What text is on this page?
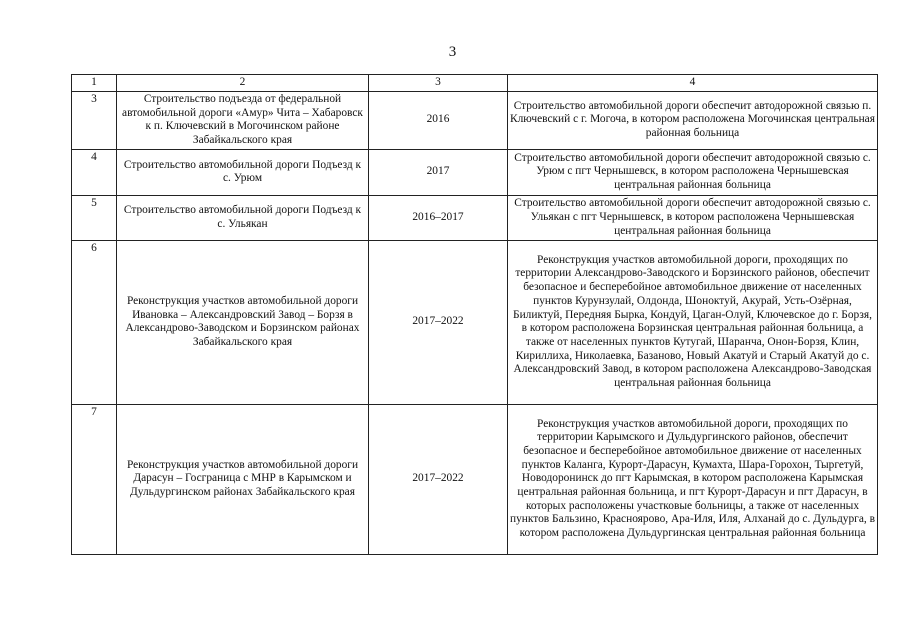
3
1	2	3	4
3	Строительство подъезда от федеральной автомобильной дороги «Амур» Чита – Хабаровск к п. Ключевский в Могочинском районе Забайкальского края	2016	Строительство автомобильной дороги обеспечит автодорожной связью п. Ключевский с г. Могоча, в котором расположена Могочинская центральная районная больница
4	Строительство автомобильной дороги Подъезд к с. Урюм	2017	Строительство автомобильной дороги обеспечит автодорожной связью с. Урюм с пгт Чернышевск, в котором расположена Чернышевская центральная районная больница
5	Строительство автомобильной дороги Подъезд к с. Ульякан	2016–2017	Строительство автомобильной дороги обеспечит автодорожной связью с. Ульякан с пгт Чернышевск, в котором расположена Чернышевская центральная районная больница
6	Реконструкция участков автомобильной дороги Ивановка – Александровский Завод – Борзя в Александрово-Заводском и Борзинском районах Забайкальского края	2017–2022	Реконструкция участков автомобильной дороги, проходящих по территории Александрово-Заводского и Борзинского районов, обеспечит безопасное и бесперебойное автомобильное движение от населенных пунктов Курунзулай, Олдонда, Шоноктуй, Акурай, Усть-Озёрная, Биликтуй, Передняя Бырка, Кондуй, Цаган-Олуй, Ключевское до г. Борзя, в котором расположена Борзинская центральная районная больница, а также от населенных пунктов Кутугай, Шаранча, Онон-Борзя, Клин, Кириллиха, Николаевка, Базаново, Новый Акатуй и Старый Акатуй до с. Александровский Завод, в котором расположена Александрово-Заводская центральная районная больница
7	Реконструкция участков автомобильной дороги Дарасун – Госграница с МНР в Карымском и Дульдургинском районах Забайкальского края	2017–2022	Реконструкция участков автомобильной дороги, проходящих по территории Карымского и Дульдургинского районов, обеспечит безопасное и бесперебойное автомобильное движение от населенных пунктов Каланга, Курорт-Дарасун, Кумахта, Шара-Горохон, Тыргетуй, Новодоронинск до пгт Карымская, в котором расположена Карымская центральная районная больница, и пгт Курорт-Дарасун и пгт Дарасун, в которых расположены участковые больницы, а также от населенных пунктов Бальзино, Красноярово, Ара-Иля, Иля, Алханай до с. Дульдурга, в котором расположена Дульдургинская центральная районная больница
